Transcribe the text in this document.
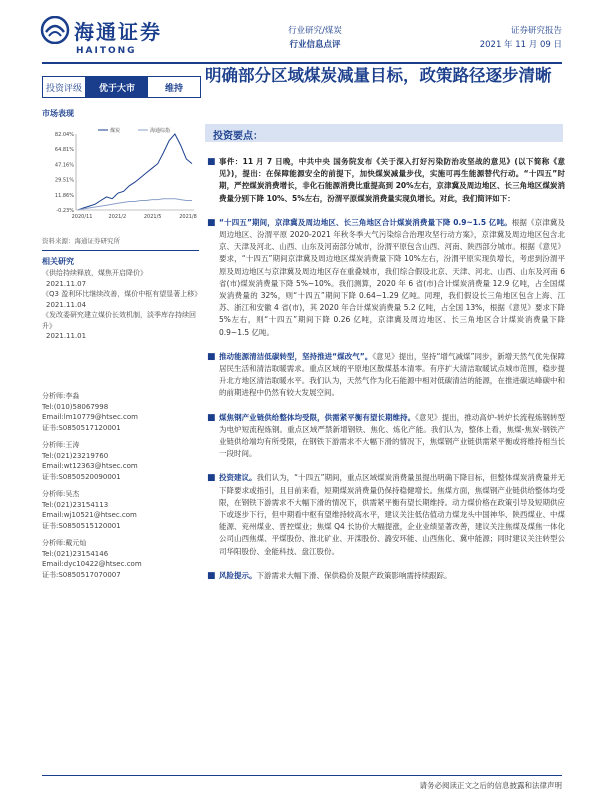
海通证券
HAITONG
行业研究/煤炭
行业信息点评
证券研究报告
2021 年 11 月 09 日
投资评级	优于大市	维持
明确部分区域煤炭减量目标，政策路径逐步清晰
市场表现
82.04%
64.81%
47.16%
29.51%
11.86%
-0.23%
2020/11	2021/2	2021/5	2021/8
煤炭	海通综指
资料来源：海通证券研究所
相关研究
《供给持续释放，煤焦开启降价》
2021.11.07
《Q3 盈利环比继续改善，煤价中枢有望显著上移》
2021.11.04
《发改委研究建立煤价长效机制，淡季库存持续回升》
2021.11.01
分析师:李淼
Tel:(010)58067998
Email:lm10779@htsec.com
证书:S0850517120001
分析师:王涛
Tel:(021)23219760
Email:wt12363@htsec.com
证书:S0850520090001
分析师:吴杰
Tel:(021)23154113
Email:wj10521@htsec.com
证书:S0850515120001
分析师:戴元灿
Tel:(021)23154146
Email:dyc10422@htsec.com
证书:S0850517070007
投资要点：
■ 事件：11 月 7 日晚，中共中央 国务院发布《关于深入打好污染防治攻坚战的意见》(以下简称《意见》)，提出：在保障能源安全的前提下，加快煤炭减量步伐，实施可再生能源替代行动。“十四五”时期，严控煤炭消费增长，非化石能源消费比重提高到 20%左右，京津冀及周边地区、长三角地区煤炭消费量分别下降 10%、5%左右，汾渭平原煤炭消费量实现负增长。对此，我们简评如下：
■ “十四五”期间，京津冀及周边地区、长三角地区合计煤炭消费量下降 0.9~1.5 亿吨。根据《京津冀及周边地区、汾渭平原 2020-2021 年秋冬季大气污染综合治理攻坚行动方案》，京津冀及周边地区包含北京、天津及河北、山西、山东及河南部分城市，汾渭平原包含山西、河南、陕西部分城市。根据《意见》要求，“十四五”期间京津冀及周边地区煤炭消费量下降 10%左右，汾渭平原实现负增长，考虑到汾渭平原及周边地区与京津冀及周边地区存在重叠城市，我们综合假设北京、天津、河北、山西、山东及河南 6 省(市)煤炭消费量下降 5%~10%。我们测算，2020 年 6 省(市)合计煤炭消费量 12.9 亿吨，占全国煤炭消费量的 32%，则“十四五”期间下降 0.64~1.29 亿吨。同理，我们假设长三角地区包含上海、江苏、浙江和安徽 4 省(市)，其 2020 年合计煤炭消费量 5.2 亿吨，占全国 13%，根据《意见》要求下降 5%左右，则“十四五”期间下降 0.26 亿吨，京津冀及周边地区、长三角地区合计煤炭消费量下降 0.9~1.5 亿吨。
■ 推动能源清洁低碳转型，坚持推进“煤改气”。《意见》提出，坚持“增气减煤”同步，新增天然气优先保障居民生活和清洁取暖需求。重点区域的平原地区散煤基本清零。有序扩大清洁取暖试点城市范围，稳步提升北方地区清洁取暖水平。我们认为，天然气作为化石能源中相对低碳清洁的能源，在推进碳达峰碳中和的前期进程中仍然有较大发展空间。
■ 煤焦钢产业链供给整体均受限，供需紧平衡有望长期维持。《意见》提出，推动高炉-转炉长流程炼钢转型为电炉短流程炼钢。重点区域严禁新增钢铁、焦化、炼化产能。我们认为，整体上看，焦煤-焦炭-钢铁产业链供给端均有所受限，在钢铁下游需求不大幅下滑的情况下，焦煤钢产业链供需紧平衡或将维持相当长一段时间。
■ 投资建议。我们认为，“十四五”期间，重点区域煤炭消费量虽提出明确下降目标，但整体煤炭消费量并无下降要求或指引，且目前来看，短期煤炭消费量仍保持稳健增长。焦煤方面，焦煤钢产业链供给整体均受限，在钢铁下游需求不大幅下滑的情况下，供需紧平衡有望长期维持。动力煤价格在政策引导及短期供应下或逐步下行，但中期看中枢有望维持较高水平，建议关注低估值动力煤龙头中国神华、陕西煤业、中煤能源、兖州煤业、晋控煤业；焦煤 Q4 长协价大幅提涨，企业业绩显著改善，建议关注焦煤及煤焦一体化公司山西焦煤、平煤股份、淮北矿业、开滦股份、潞安环能、山西焦化、冀中能源；同时建议关注转型公司华阳股份、金能科技、盘江股份。
■ 风险提示。下游需求大幅下滑、保供稳价及限产政策影响需持续跟踪。
请务必阅读正文之后的信息披露和法律声明
